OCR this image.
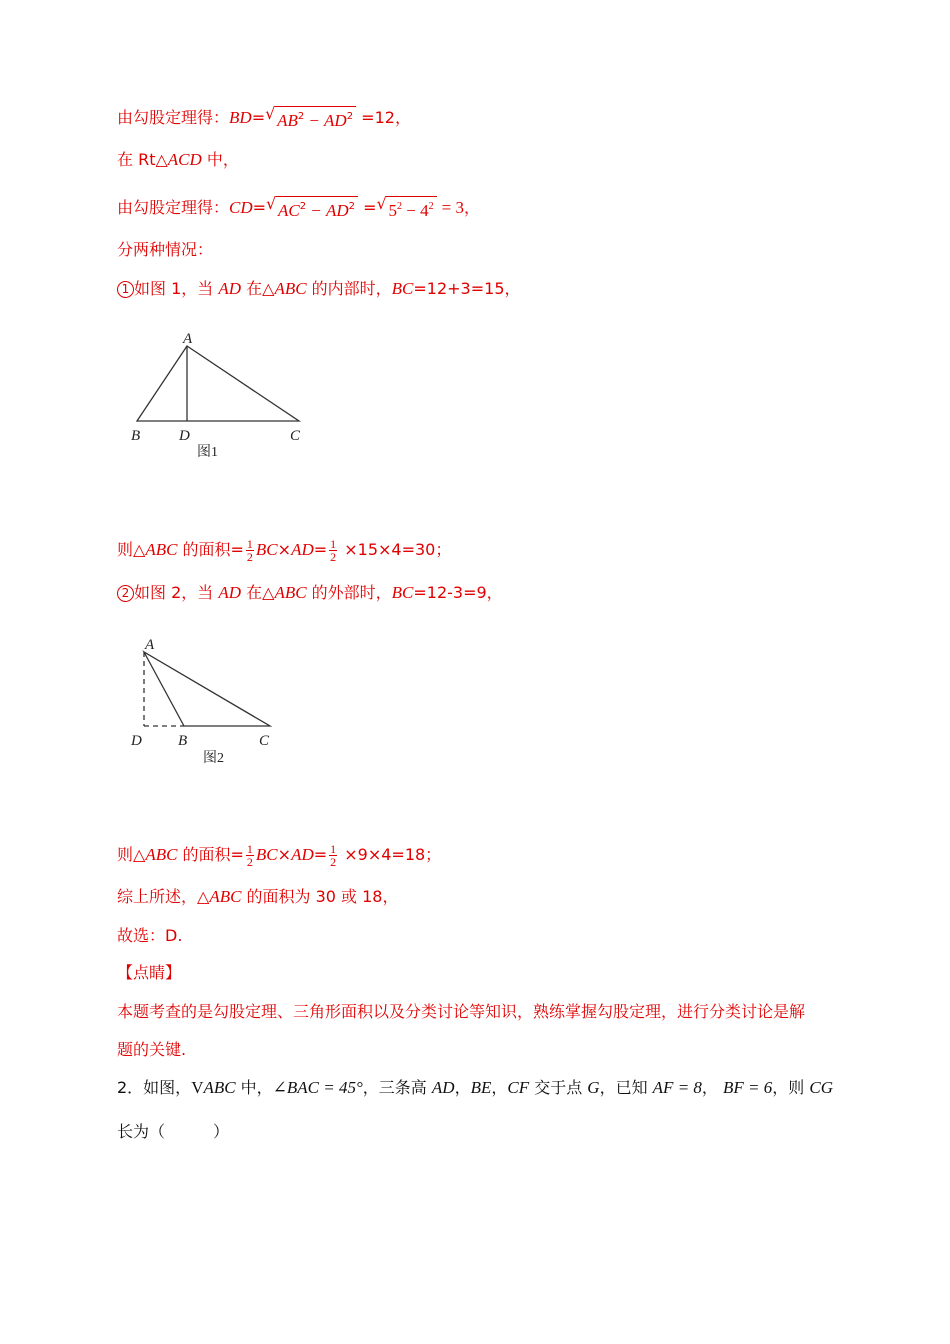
由勾股定理得：BD= √ $AB^2 - AD^2 =12$，
在 Rt△ACD 中，
由勾股定理得：CD= √ $AC^2 - AD^2$ = √ $5^2 - 4^2 = 3$，
分两种情况：
1 如图 1，当 AD 在△ABC 的内部时，BC=12+3=15，
A
B	D	C
图1
则△ABC 的面积= $\frac{1}{2} BC\times AD= \frac{1}{2} \times 15\times 4=30$；
2 如图 2，当 AD 在△ABC 的外部时，BC=12-3=9，
A
D B	C
图2
则△ABC 的面积= $\frac{1}{2} BC\times AD= \frac{1}{2} \times 9\times 4=18$；
综上所述，△ABC 的面积为 30 或 18，
故选：D.
【点睛】
本题考查的是勾股定理、三角形面积以及分类讨论等知识，熟练掌握勾股定理，进行分类讨论是解
题的关键.
2．如图，VABC 中，∠BAC = 45°，三条高 AD，BE，CF 交于点 G，已知 AF = 8， BF = 6，则 CG
长为（　　　）
